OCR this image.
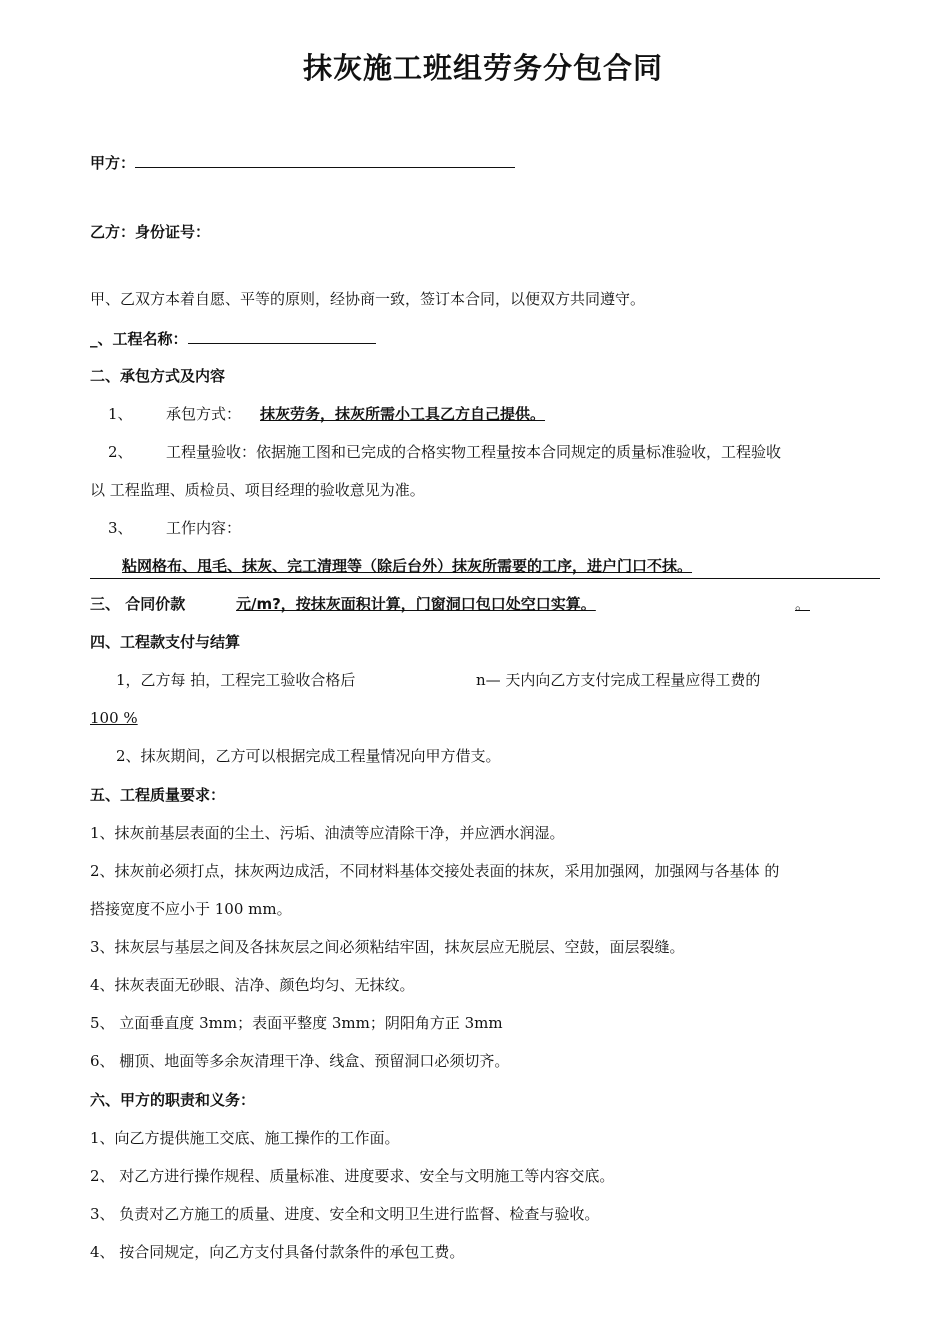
抹灰施工班组劳务分包合同
甲方：
乙方：身份证号：
甲、乙双方本着自愿、平等的原则，经协商一致，签订本合同，以便双方共同遵守。
_、工程名称：
二、承包方式及内容
1、 承包方式： 抹灰劳务，抹灰所需小工具乙方自己提供。
2、 工程量验收：依据施工图和已完成的合格实物工程量按本合同规定的质量标准验收，工程验收
以 工程监理、质检员、项目经理的验收意见为准。
3、 工作内容：
粘网格布、甩毛、抹灰、完工清理等（除后台外）抹灰所需要的工序，进户门口不抹。
三、 合同价款	元/m?，按抹灰面积计算，门窗洞口包口处空口实算。	。
四、工程款支付与结算
1，乙方每 拍，工程完工验收合格后	n— 天内向乙方支付完成工程量应得工费的
100 %
2、抹灰期间，乙方可以根据完成工程量情况向甲方借支。
五、工程质量要求：
1、抹灰前基层表面的尘土、污垢、油渍等应清除干净，并应洒水润湿。
2、抹灰前必须打点，抹灰两边成活，不同材料基体交接处表面的抹灰，采用加强网，加强网与各基体 的
搭接宽度不应小于 100 mm。
3、抹灰层与基层之间及各抹灰层之间必须粘结牢固，抹灰层应无脱层、空鼓，面层裂缝。
4、抹灰表面无砂眼、洁净、颜色均匀、无抹纹。
5、 立面垂直度 3mm；表面平整度 3mm；阴阳角方正 3mm
6、 棚顶、地面等多余灰清理干净、线盒、预留洞口必须切齐。
六、甲方的职责和义务：
1、向乙方提供施工交底、施工操作的工作面。
2、 对乙方进行操作规程、质量标准、进度要求、安全与文明施工等内容交底。
3、 负责对乙方施工的质量、进度、安全和文明卫生进行监督、检查与验收。
4、 按合同规定，向乙方支付具备付款条件的承包工费。
